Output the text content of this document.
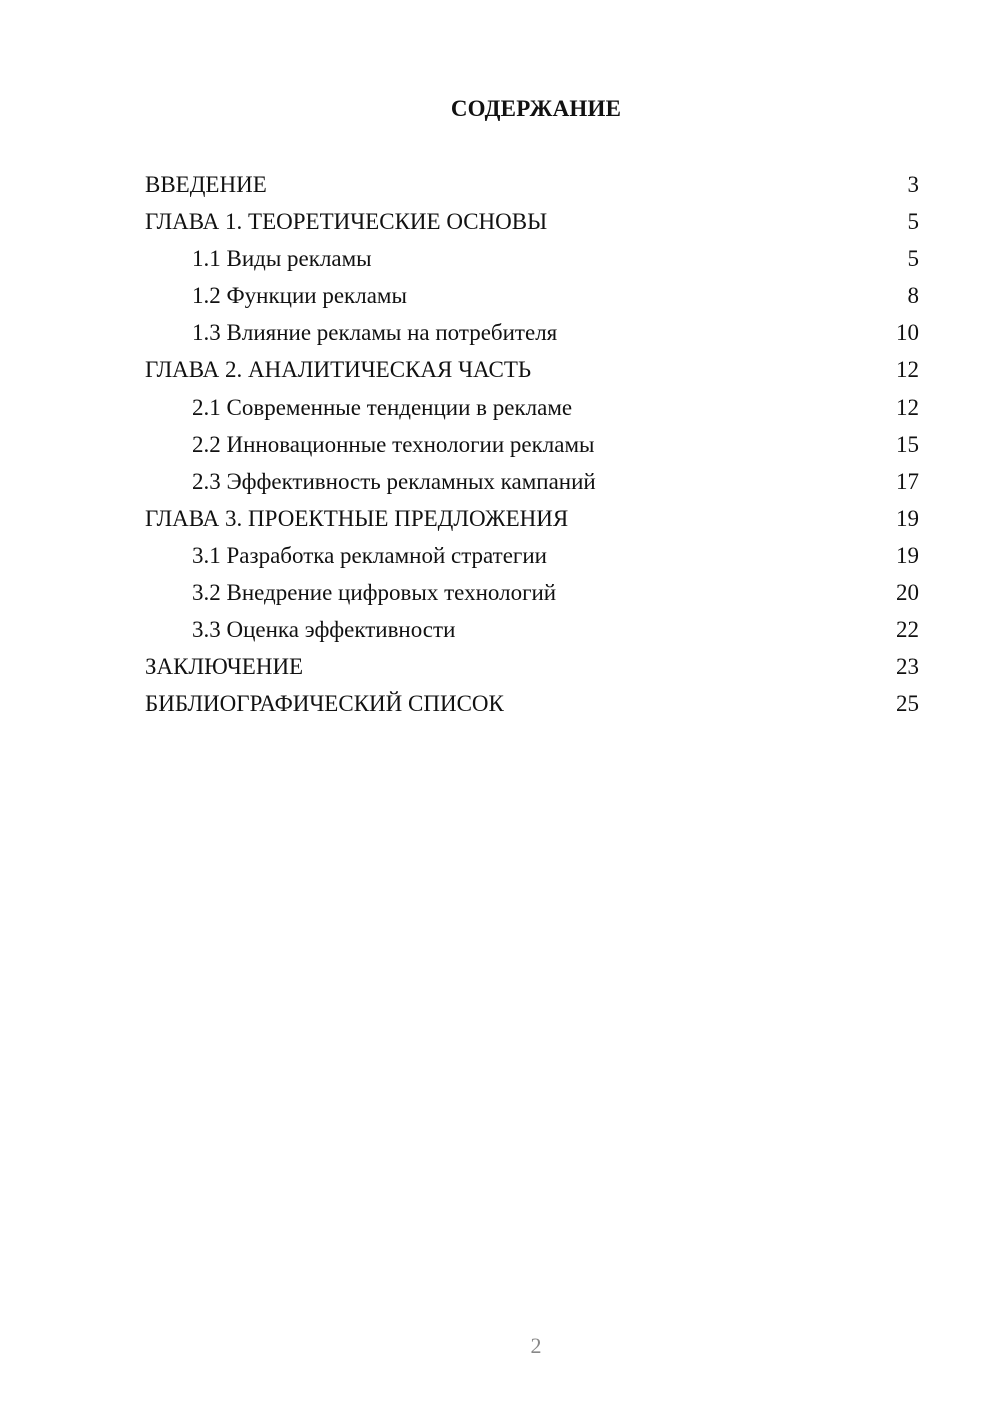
СОДЕРЖАНИЕ
ВВЕДЕНИЕ	3
ГЛАВА 1. ТЕОРЕТИЧЕСКИЕ ОСНОВЫ	5
1.1 Виды рекламы	5
1.2 Функции рекламы	8
1.3 Влияние рекламы на потребителя	10
ГЛАВА 2. АНАЛИТИЧЕСКАЯ ЧАСТЬ	12
2.1 Современные тенденции в рекламе	12
2.2 Инновационные технологии рекламы	15
2.3 Эффективность рекламных кампаний	17
ГЛАВА 3. ПРОЕКТНЫЕ ПРЕДЛОЖЕНИЯ	19
3.1 Разработка рекламной стратегии	19
3.2 Внедрение цифровых технологий	20
3.3 Оценка эффективности	22
ЗАКЛЮЧЕНИЕ	23
БИБЛИОГРАФИЧЕСКИЙ СПИСОК	25
2
